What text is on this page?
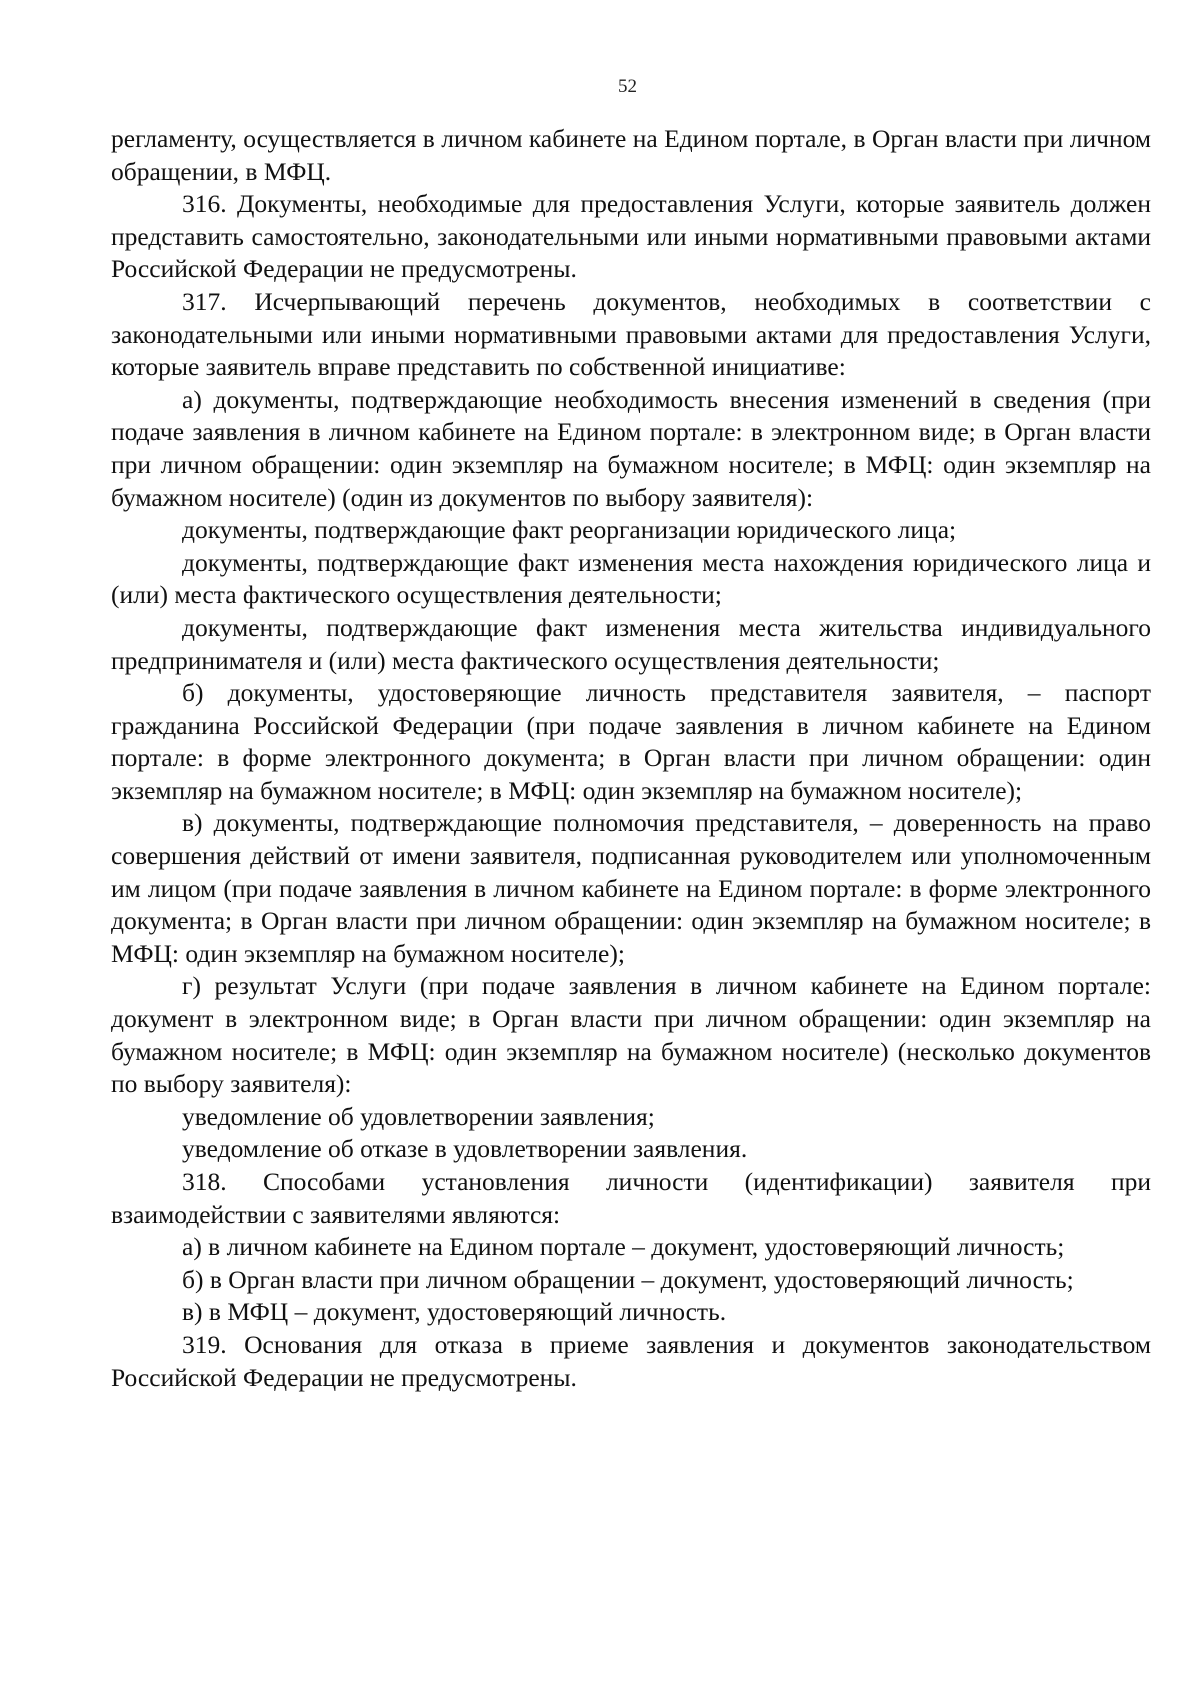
52

регламенту, осуществляется в личном кабинете на Едином портале, в Орган власти при личном обращении, в МФЦ.

316. Документы, необходимые для предоставления Услуги, которые заявитель должен представить самостоятельно, законодательными или иными нормативными правовыми актами Российской Федерации не предусмотрены.

317. Исчерпывающий перечень документов, необходимых в соответствии с законодательными или иными нормативными правовыми актами для предоставления Услуги, которые заявитель вправе представить по собственной инициативе:

а) документы, подтверждающие необходимость внесения изменений в сведения (при подаче заявления в личном кабинете на Едином портале: в электронном виде; в Орган власти при личном обращении: один экземпляр на бумажном носителе; в МФЦ: один экземпляр на бумажном носителе) (один из документов по выбору заявителя):

документы, подтверждающие факт реорганизации юридического лица;

документы, подтверждающие факт изменения места нахождения юридического лица и (или) места фактического осуществления деятельности;

документы, подтверждающие факт изменения места жительства индивидуального предпринимателя и (или) места фактического осуществления деятельности;

б) документы, удостоверяющие личность представителя заявителя, – паспорт гражданина Российской Федерации (при подаче заявления в личном кабинете на Едином портале: в форме электронного документа; в Орган власти при личном обращении: один экземпляр на бумажном носителе; в МФЦ: один экземпляр на бумажном носителе);

в) документы, подтверждающие полномочия представителя, – доверенность на право совершения действий от имени заявителя, подписанная руководителем или уполномоченным им лицом (при подаче заявления в личном кабинете на Едином портале: в форме электронного документа; в Орган власти при личном обращении: один экземпляр на бумажном носителе; в МФЦ: один экземпляр на бумажном носителе);

г) результат Услуги (при подаче заявления в личном кабинете на Едином портале: документ в электронном виде; в Орган власти при личном обращении: один экземпляр на бумажном носителе; в МФЦ: один экземпляр на бумажном носителе) (несколько документов по выбору заявителя):

уведомление об удовлетворении заявления;

уведомление об отказе в удовлетворении заявления.

318. Способами установления личности (идентификации) заявителя при взаимодействии с заявителями являются:

а) в личном кабинете на Едином портале – документ, удостоверяющий личность;

б) в Орган власти при личном обращении – документ, удостоверяющий личность;

в) в МФЦ – документ, удостоверяющий личность.

319. Основания для отказа в приеме заявления и документов законодательством Российской Федерации не предусмотрены.
